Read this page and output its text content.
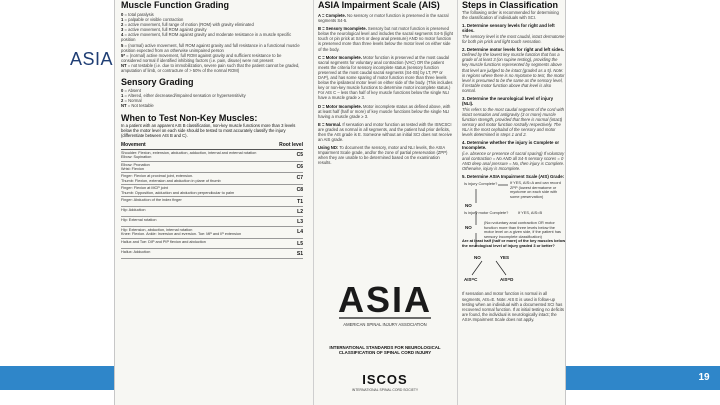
ASIA
Muscle Function Grading
0 = total paralysis
1 = palpable or visible contraction
2 = active movement, full range of motion (ROM) with gravity eliminated
3 = active movement, full ROM against gravity
4 = active movement, full ROM against gravity and moderate resistance in a muscle specific position
5 = (normal) active movement, full ROM against gravity and full resistance in a functional muscle position expected from an otherwise unimpaired person
5* = (normal) active movement, full ROM against gravity and sufficient resistance to be considered normal if identified inhibiting factors (i.e. pain, disuse) were not present
NT = not testable (i.e. due to immobilization, severe pain such that the patient cannot be graded, amputation of limb, or contracture of > 50% of the normal ROM)
Sensory Grading
0 = Absent
1 = Altered, either decreased/impaired sensation or hypersensitivity
2 = Normal
NT = Not testable
When to Test Non-Key Muscles:
In a patient with an apparent AIS B classification, non-key muscle functions more than 3 levels below the motor level on each side should be tested to most accurately classify the injury (differentiate between AIS B and C).
Movement	Root level
Shoulder: Flexion, extension, abduction, adduction, internal and external rotation
Elbow: Supination	C5
Elbow: Pronation
Wrist: Flexion	C6
Finger: Flexion at proximal joint, extension.
Thumb: Flexion, extension and abduction in plane of thumb	C7
Finger: Flexion at MCP joint
Thumb: Opposition, adduction and abduction perpendicular to palm	C8
Finger: Abduction of the index finger	T1
Hip: Adduction	L2
Hip: External rotation	L3
Hip: Extension, abduction, internal rotation
Knee: Flexion. Ankle: Inversion and eversion. Toe: MP and IP extension	L4
Hallux and Toe: DIP and PIP flexion and abduction	L5
Hallux: Adduction	S1
ASIA Impairment Scale (AIS)
A = Complete. No sensory or motor function is preserved in the sacral segments S4-5.
B = Sensory Incomplete. Sensory but not motor function is preserved below the neurological level and includes the sacral segments S4-5 (light touch or pin prick at S4-5 or deep anal pressure) AND no motor function is preserved more than three levels below the motor level on either side of the body.
C = Motor Incomplete. Motor function is preserved at the most caudal sacral segments for voluntary anal contraction (VAC) OR the patient meets the criteria for sensory incomplete status (sensory function preserved at the most caudal sacral segments (S4-S5) by LT, PP or DAP), and has some sparing of motor function more than three levels below the ipsilateral motor level on either side of the body. (This includes key or non-key muscle functions to determine motor incomplete status.) For AIS C – less than half of key muscle functions below the single NLI have a muscle grade ≥ 3.
D = Motor Incomplete. Motor incomplete status as defined above, with at least half (half or more) of key muscle functions below the single NLI having a muscle grade ≥ 3.
E = Normal. If sensation and motor function as tested with the ISNCSCI are graded as normal in all segments, and the patient had prior deficits, then the AIS grade is E. Someone without an initial SCI does not receive an AIS grade.
Using ND: To document the sensory, motor and NLI levels, the ASIA Impairment Scale grade, and/or the zone of partial preservation (ZPP) when they are unable to be determined based on the examination results.
ASIA
AMERICAN SPINAL INJURY ASSOCIATION
INTERNATIONAL STANDARDS FOR NEUROLOGICAL CLASSIFICATION OF SPINAL CORD INJURY
ISCOS
INTERNATIONAL SPINAL CORD SOCIETY
Steps in Classification
The following order is recommended for determining the classification of individuals with SCI.
1. Determine sensory levels for right and left sides.
The sensory level is the most caudal, intact dermatome for both pin prick and light touch sensation.
2. Determine motor levels for right and left sides.
Defined by the lowest key muscle function that has a grade of at least 3 (on supine testing), providing the key muscle functions represented by segments above that level are judged to be intact (graded as a 5). Note: in regions where there is no myotome to test, the motor level is presumed to be the same as the sensory level, if testable motor function above that level is also normal.
3. Determine the neurological level of injury (NLI).
This refers to the most caudal segment of the cord with intact sensation and antigravity (3 or more) muscle function strength, provided that there is normal (intact) sensory and motor function rostrally respectively. The NLI is the most cephalad of the sensory and motor levels determined in steps 1 and 2.
4. Determine whether the injury is Complete or Incomplete.
(i.e. absence or presence of sacral sparing) If voluntary anal contraction = No AND all S4-5 sensory scores = 0 AND deep anal pressure = No, then injury is Complete. Otherwise, injury is Incomplete.
5. Determine ASIA Impairment Scale (AIS) Grade:
Is injury Complete?	If YES, AIS=A and can record ZPP (lowest dermatome or myotome on each side with some preservation)
NO
Is injury motor Complete?	If YES, AIS=B
NO
(No=voluntary anal contraction OR motor function more than three levels below the motor level on a given side, if the patient has sensory incomplete classification)
Are at least half (half or more) of the key muscles below the neurological level of injury graded 3 or better?
NO	YES
AIS=C	AIS=D
If sensation and motor function is normal in all segments, AIS=E. Note: AIS E is used in follow-up testing when an individual with a documented SCI has recovered normal function. If at initial testing no deficits are found, the individual is neurologically intact; the ASIA Impairment Scale does not apply.
19
